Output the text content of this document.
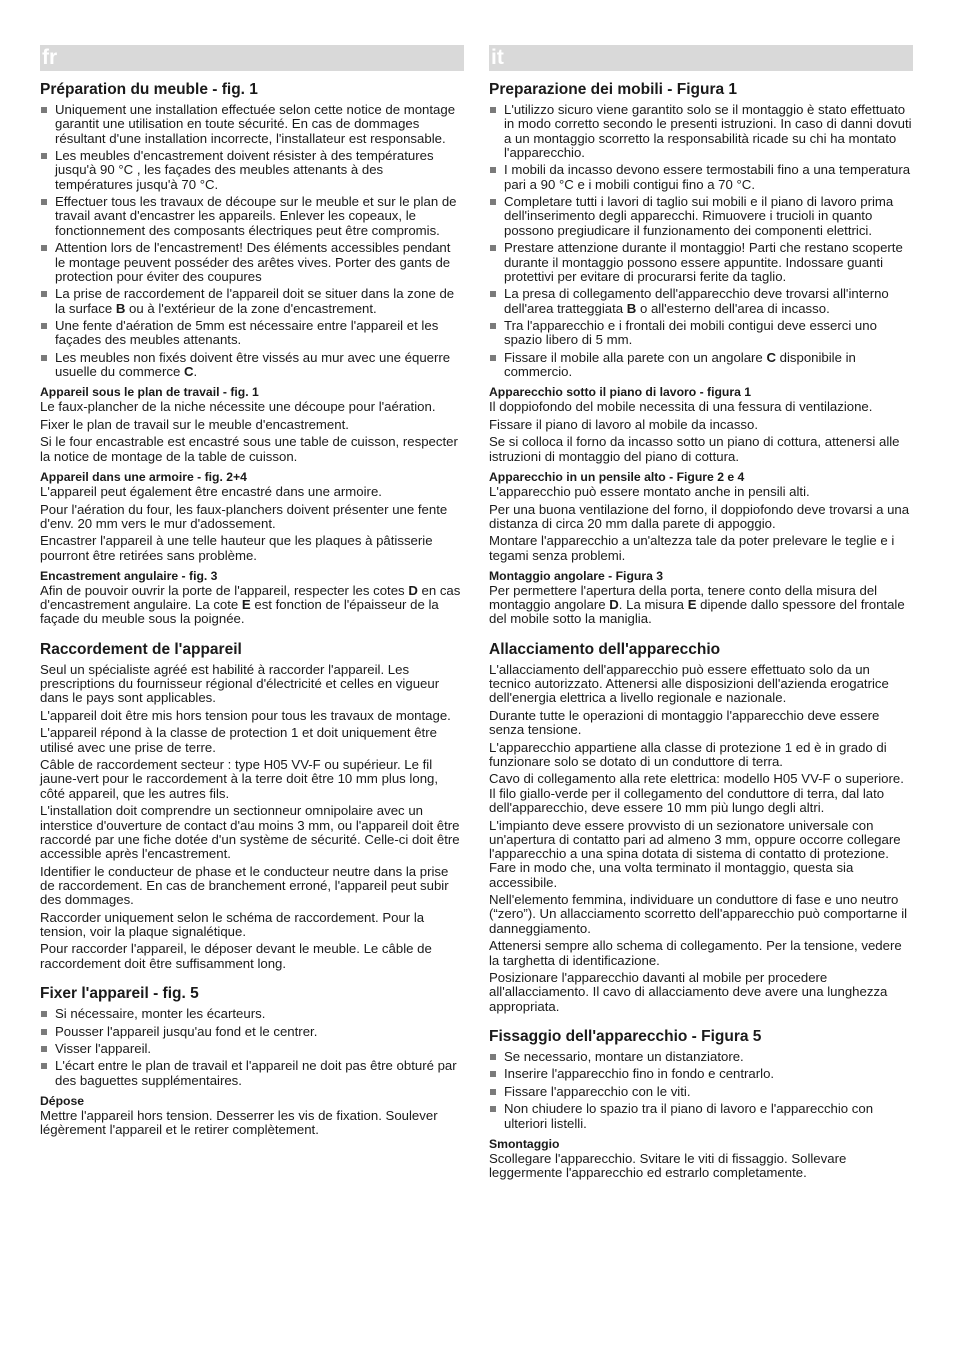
fr
Préparation du meuble - fig. 1
Uniquement une installation effectuée selon cette notice de montage garantit une utilisation en toute sécurité. En cas de dommages résultant d'une installation incorrecte, l'installateur est responsable.
Les meubles d'encastrement doivent résister à des températures jusqu'à 90 °C , les façades des meubles attenants à des températures jusqu'à 70 °C.
Effectuer tous les travaux de découpe sur le meuble et sur le plan de travail avant d'encastrer les appareils. Enlever les copeaux, le fonctionnement des composants électriques peut être compromis.
Attention lors de l'encastrement! Des éléments accessibles pendant le montage peuvent posséder des arêtes vives. Porter des gants de protection pour éviter des coupures
La prise de raccordement de l'appareil doit se situer dans la zone de la surface B ou à l'extérieur de la zone d'encastrement.
Une fente d'aération de 5mm est nécessaire entre l'appareil et les façades des meubles attenants.
Les meubles non fixés doivent être vissés au mur avec une équerre usuelle du commerce C.
Appareil sous le plan de travail - fig. 1

Le faux-plancher de la niche nécessite une découpe pour l'aération.

Fixer le plan de travail sur le meuble d'encastrement.

Si le four encastrable est encastré sous une table de cuisson, respecter la notice de montage de la table de cuisson.

Appareil dans une armoire - fig. 2+4

L'appareil peut également être encastré dans une armoire.

Pour l'aération du four, les faux-planchers doivent présenter une fente d'env. 20 mm vers le mur d'adossement.

Encastrer l'appareil à une telle hauteur que les plaques à pâtisserie pourront être retirées sans problème.

Encastrement angulaire - fig. 3

Afin de pouvoir ouvrir la porte de l'appareil, respecter les cotes D en cas d'encastrement angulaire. La cote E est fonction de l'épaisseur de la façade du meuble sous la poignée.

Raccordement de l'appareil

Seul un spécialiste agréé est habilité à raccorder l'appareil. Les prescriptions du fournisseur régional d'électricité et celles en vigueur dans le pays sont applicables.

L'appareil doit être mis hors tension pour tous les travaux de montage.

L'appareil répond à la classe de protection 1 et doit uniquement être utilisé avec une prise de terre.

Câble de raccordement secteur : type H05 VV-F ou supérieur. Le fil jaune-vert pour le raccordement à la terre doit être 10 mm plus long, côté appareil, que les autres fils.

L'installation doit comprendre un sectionneur omnipolaire avec un interstice d'ouverture de contact d'au moins 3 mm, ou l'appareil doit être raccordé par une fiche dotée d'un système de sécurité. Celle-ci doit être accessible après l'encastrement.

Identifier le conducteur de phase et le conducteur neutre dans la prise de raccordement. En cas de branchement erroné, l'appareil peut subir des dommages.

Raccorder uniquement selon le schéma de raccordement. Pour la tension, voir la plaque signalétique.

Pour raccorder l'appareil, le déposer devant le meuble. Le câble de raccordement doit être suffisamment long.

Fixer l'appareil - fig. 5
Si nécessaire, monter les écarteurs.
Pousser l'appareil jusqu'au fond et le centrer.
Visser l'appareil.
L'écart entre le plan de travail et l'appareil ne doit pas être obturé par des baguettes supplémentaires.
Dépose

Mettre l'appareil hors tension. Desserrer les vis de fixation. Soulever légèrement l'appareil et le retirer complètement.

it
Preparazione dei mobili - Figura 1
L'utilizzo sicuro viene garantito solo se il montaggio è stato effettuato in modo corretto secondo le presenti istruzioni. In caso di danni dovuti a un montaggio scorretto la responsabilità ricade su chi ha montato l'apparecchio.
I mobili da incasso devono essere termostabili fino a una temperatura pari a 90 °C e i mobili contigui fino a 70 °C.
Completare tutti i lavori di taglio sui mobili e il piano di lavoro prima dell'inserimento degli apparecchi. Rimuovere i trucioli in quanto possono pregiudicare il funzionamento dei componenti elettrici.
Prestare attenzione durante il montaggio! Parti che restano scoperte durante il montaggio possono essere appuntite. Indossare guanti protettivi per evitare di procurarsi ferite da taglio.
La presa di collegamento dell'apparecchio deve trovarsi all'interno dell'area tratteggiata B o all'esterno dell'area di incasso.
Tra l'apparecchio e i frontali dei mobili contigui deve esserci uno spazio libero di 5 mm.
Fissare il mobile alla parete con un angolare C disponibile in commercio.
Apparecchio sotto il piano di lavoro - figura 1

Il doppiofondo del mobile necessita di una fessura di ventilazione.

Fissare il piano di lavoro al mobile da incasso.

Se si colloca il forno da incasso sotto un piano di cottura, attenersi alle istruzioni di montaggio del piano di cottura.

Apparecchio in un pensile alto - Figure 2 e 4

L'apparecchio può essere montato anche in pensili alti.

Per una buona ventilazione del forno, il doppiofondo deve trovarsi a una distanza di circa 20 mm dalla parete di appoggio.

Montare l'apparecchio a un'altezza tale da poter prelevare le teglie e i tegami senza problemi.

Montaggio angolare - Figura 3

Per permettere l'apertura della porta, tenere conto della misura del montaggio angolare D. La misura E dipende dallo spessore del frontale del mobile sotto la maniglia.

Allacciamento dell'apparecchio

L'allacciamento dell'apparecchio può essere effettuato solo da un tecnico autorizzato. Attenersi alle disposizioni dell'azienda erogatrice dell'energia elettrica a livello regionale e nazionale.

Durante tutte le operazioni di montaggio l'apparecchio deve essere senza tensione.

L'apparecchio appartiene alla classe di protezione 1 ed è in grado di funzionare solo se dotato di un conduttore di terra.

Cavo di collegamento alla rete elettrica: modello H05 VV-F o superiore. Il filo giallo-verde per il collegamento del conduttore di terra, dal lato dell'apparecchio, deve essere 10 mm più lungo degli altri.

L'impianto deve essere provvisto di un sezionatore universale con un'apertura di contatto pari ad almeno 3 mm, oppure occorre collegare l'apparecchio a una spina dotata di sistema di contatto di protezione. Fare in modo che, una volta terminato il montaggio, questa sia accessibile.

Nell'elemento femmina, individuare un conduttore di fase e uno neutro (“zero”). Un allacciamento scorretto dell'apparecchio può comportarne il danneggiamento.

Attenersi sempre allo schema di collegamento. Per la tensione, vedere la targhetta di identificazione.

Posizionare l'apparecchio davanti al mobile per procedere all'allacciamento. Il cavo di allacciamento deve avere una lunghezza appropriata.

Fissaggio dell'apparecchio - Figura 5
Se necessario, montare un distanziatore.
Inserire l'apparecchio fino in fondo e centrarlo.
Fissare l'apparecchio con le viti.
Non chiudere lo spazio tra il piano di lavoro e l'apparecchio con ulteriori listelli.
Smontaggio

Scollegare l'apparecchio. Svitare le viti di fissaggio. Sollevare leggermente l'apparecchio ed estrarlo completamente.
